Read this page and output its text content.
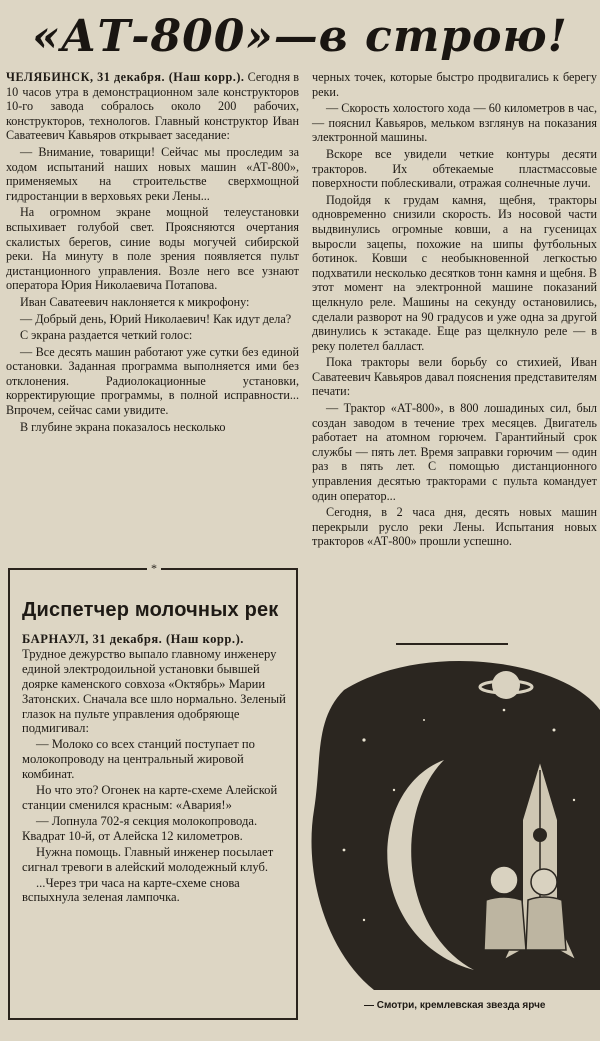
«АТ-800»—в строю!

ЧЕЛЯБИНСК, 31 декабря. (Наш корр.). Сегодня в 10 часов утра в демонстрационном зале конструкторов 10-го завода собралось около 200 рабочих, конструкторов, технологов. Главный конструктор Иван Саватеевич Кавьяров открывает заседание:

— Внимание, товарищи! Сейчас мы проследим за ходом испытаний наших новых машин «АТ-800», применяемых на строительстве сверхмощной гидростанции в верховьях реки Лены...

На огромном экране мощной телеустановки вспыхивает голубой свет. Проясняются очертания скалистых берегов, синие воды могучей сибирской реки. На минуту в поле зрения появляется пульт дистанционного управления. Возле него все узнают оператора Юрия Николаевича Потапова.

Иван Саватеевич наклоняется к микрофону:

— Добрый день, Юрий Николаевич! Как идут дела?

С экрана раздается четкий голос:

— Все десять машин работают уже сутки без единой остановки. Заданная программа выполняется ими без отклонения. Радиолокационные установки, корректирующие программы, в полной исправности... Впрочем, сейчас сами увидите.

В глубине экрана показалось несколько

черных точек, которые быстро продвигались к берегу реки.

— Скорость холостого хода — 60 километров в час, — пояснил Кавьяров, мельком взглянув на показания электронной машины.

Вскоре все увидели четкие контуры десяти тракторов. Их обтекаемые пластмассовые поверхности поблескивали, отражая солнечные лучи.

Подойдя к грудам камня, щебня, тракторы одновременно снизили скорость. Из носовой части выдвинулись огромные ковши, а на гусеницах выросли зацепы, похожие на шипы футбольных ботинок. Ковши с необыкновенной легкостью подхватили несколько десятков тонн камня и щебня. В этот момент на электронной машине показаний щелкнуло реле. Машины на секунду остановились, сделали разворот на 90 градусов и уже одна за другой двинулись к эстакаде. Еще раз щелкнуло реле — в реку полетел балласт.

Пока тракторы вели борьбу со стихией, Иван Саватеевич Кавьяров давал пояснения представителям печати:

— Трактор «АТ-800», в 800 лошадиных сил, был создан заводом в течение трех месяцев. Двигатель работает на атомном горючем. Гарантийный срок службы — пять лет. Время заправки горючим — один раз в пять лет. С помощью дистанционного управления десятью тракторами с пульта командует один оператор...

Сегодня, в 2 часа дня, десять новых машин перекрыли русло реки Лены. Испытания новых тракторов «АТ-800» прошли успешно.

*
Диспетчер молочных рек

БАРНАУЛ, 31 декабря. (Наш корр.). Трудное дежурство выпало главному инженеру единой электродоильной установки бывшей доярке каменского совхоза «Октябрь» Марии Затонских. Сначала все шло нормально. Зеленый глазок на пульте управления одобряюще подмигивал:

— Молоко со всех станций поступает по молокопроводу на центральный жировой комбинат.

Но что это? Огонек на карте-схеме Алейской станции сменился красным: «Авария!»

— Лопнула 702-я секция молокопровода. Квадрат 10-й, от Алейска 12 километров.

Нужна помощь. Главный инженер посылает сигнал тревоги в алейский молодежный клуб.

...Через три часа на карте-схеме снова вспыхнула зеленая лампочка.

— Смотри, кремлевская звезда ярче
